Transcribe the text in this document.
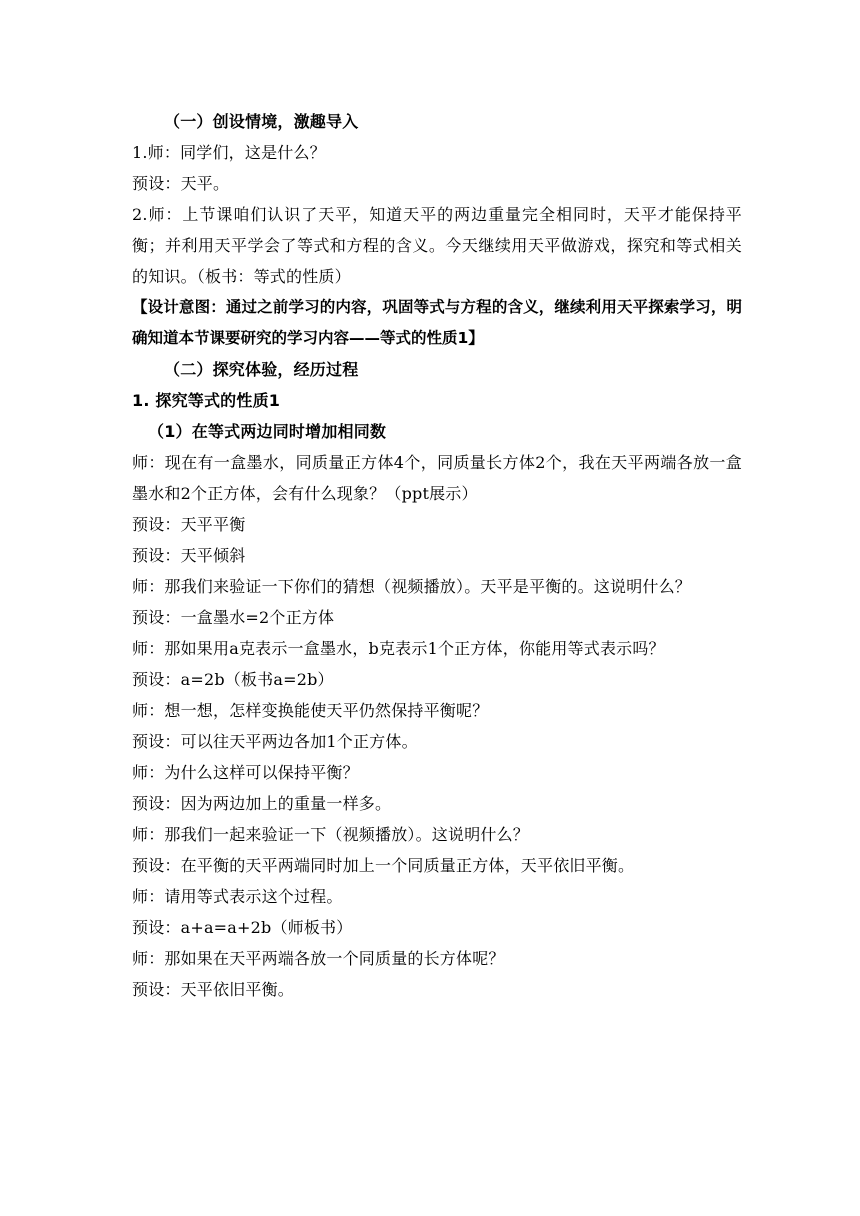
（一）创设情境，激趣导入
1.师：同学们，这是什么？
预设：天平。
2.师：上节课咱们认识了天平，知道天平的两边重量完全相同时，天平才能保持平衡；并利用天平学会了等式和方程的含义。今天继续用天平做游戏，探究和等式相关的知识。（板书：等式的性质）
【设计意图：通过之前学习的内容，巩固等式与方程的含义，继续利用天平探索学习，明确知道本节课要研究的学习内容——等式的性质1】
（二）探究体验，经历过程
1. 探究等式的性质1
（1）在等式两边同时增加相同数
师：现在有一盒墨水，同质量正方体4个，同质量长方体2个，我在天平两端各放一盒墨水和2个正方体，会有什么现象？（ppt展示）
预设：天平平衡
预设：天平倾斜
师：那我们来验证一下你们的猜想（视频播放）。天平是平衡的。这说明什么？
预设：一盒墨水=2个正方体
师：那如果用a克表示一盒墨水，b克表示1个正方体，你能用等式表示吗？
预设：a=2b（板书a=2b）
师：想一想，怎样变换能使天平仍然保持平衡呢？
预设：可以往天平两边各加1个正方体。
师：为什么这样可以保持平衡？
预设：因为两边加上的重量一样多。
师：那我们一起来验证一下（视频播放）。这说明什么？
预设：在平衡的天平两端同时加上一个同质量正方体，天平依旧平衡。
师：请用等式表示这个过程。
预设：a+a=a+2b（师板书）
师：那如果在天平两端各放一个同质量的长方体呢？
预设：天平依旧平衡。
